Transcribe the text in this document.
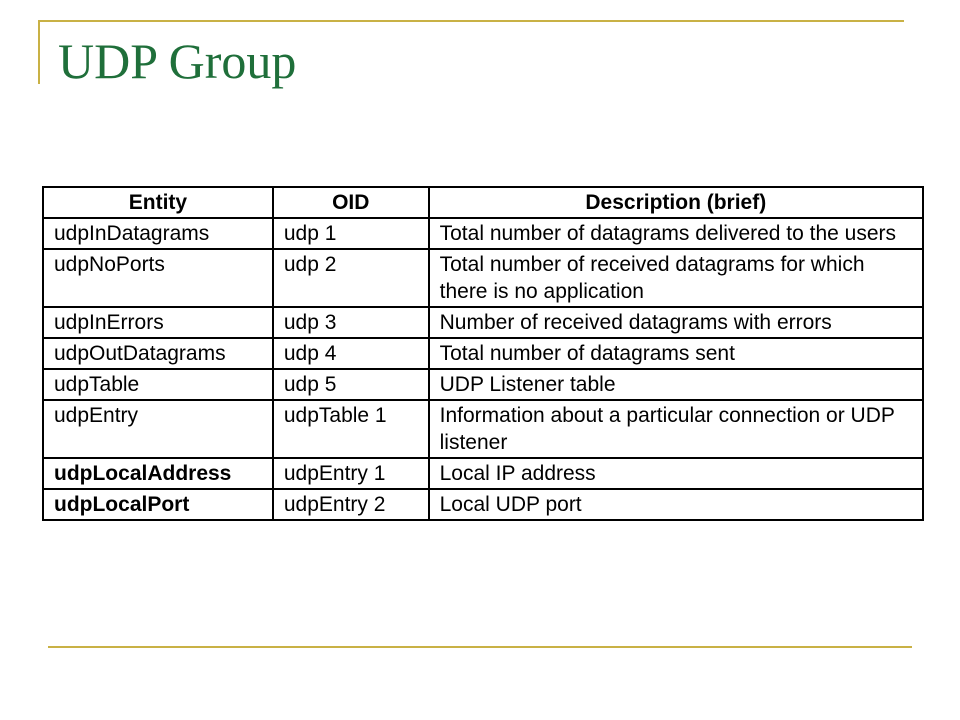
UDP Group
Entity	OID	Description (brief)
udpInDatagrams	udp 1	Total number of datagrams delivered to the users
udpNoPorts	udp 2	Total number of received datagrams for which there is no application
udpInErrors	udp 3	Number of received datagrams with errors
udpOutDatagrams	udp 4	Total number of datagrams sent
udpTable	udp 5	UDP Listener table
udpEntry	udpTable 1	Information about a particular connection or UDP listener
udpLocalAddress	udpEntry 1	Local IP address
udpLocalPort	udpEntry 2	Local UDP port
